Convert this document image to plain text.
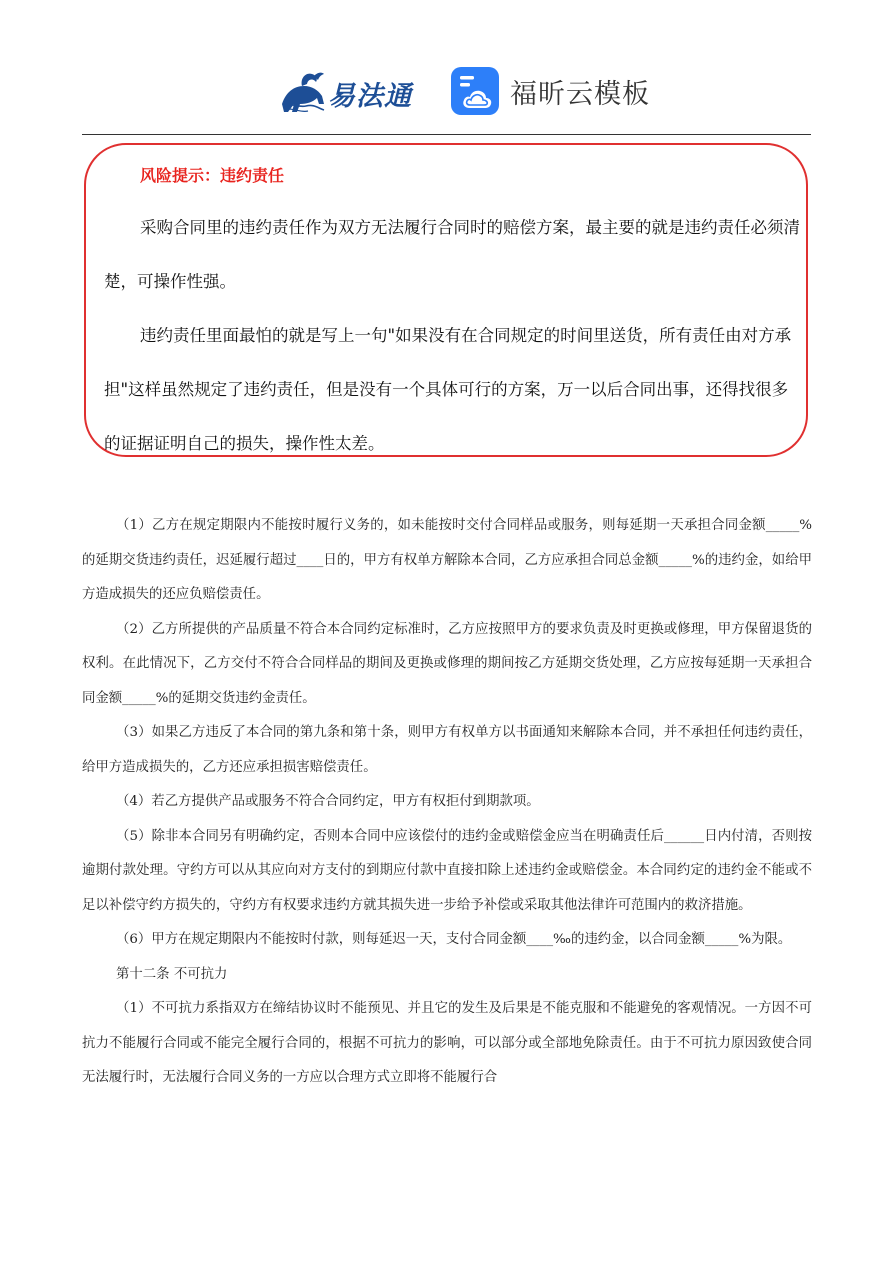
易法通	福昕云模板
风险提示：违约责任

采购合同里的违约责任作为双方无法履行合同时的赔偿方案，最主要的就是违约责任必须清楚，可操作性强。

违约责任里面最怕的就是写上一句"如果没有在合同规定的时间里送货，所有责任由对方承担"这样虽然规定了违约责任，但是没有一个具体可行的方案，万一以后合同出事，还得找很多的证据证明自己的损失，操作性太差。

（1）乙方在规定期限内不能按时履行义务的，如未能按时交付合同样品或服务，则每延期一天承担合同金额_____%的延期交货违约责任，迟延履行超过____日的，甲方有权单方解除本合同，乙方应承担合同总金额_____%的违约金，如给甲方造成损失的还应负赔偿责任。

（2）乙方所提供的产品质量不符合本合同约定标准时，乙方应按照甲方的要求负责及时更换或修理，甲方保留退货的权利。在此情况下，乙方交付不符合合同样品的期间及更换或修理的期间按乙方延期交货处理，乙方应按每延期一天承担合同金额_____%的延期交货违约金责任。

（3）如果乙方违反了本合同的第九条和第十条，则甲方有权单方以书面通知来解除本合同，并不承担任何违约责任，给甲方造成损失的，乙方还应承担损害赔偿责任。

（4）若乙方提供产品或服务不符合合同约定，甲方有权拒付到期款项。

（5）除非本合同另有明确约定，否则本合同中应该偿付的违约金或赔偿金应当在明确责任后______日内付清，否则按逾期付款处理。守约方可以从其应向对方支付的到期应付款中直接扣除上述违约金或赔偿金。本合同约定的违约金不能或不足以补偿守约方损失的，守约方有权要求违约方就其损失进一步给予补偿或采取其他法律许可范围内的救济措施。

（6）甲方在规定期限内不能按时付款，则每延迟一天，支付合同金额____‰的违约金，以合同金额_____%为限。

第十二条 不可抗力

（1）不可抗力系指双方在缔结协议时不能预见、并且它的发生及后果是不能克服和不能避免的客观情况。一方因不可抗力不能履行合同或不能完全履行合同的，根据不可抗力的影响，可以部分或全部地免除责任。由于不可抗力原因致使合同无法履行时，无法履行合同义务的一方应以合理方式立即将不能履行合
